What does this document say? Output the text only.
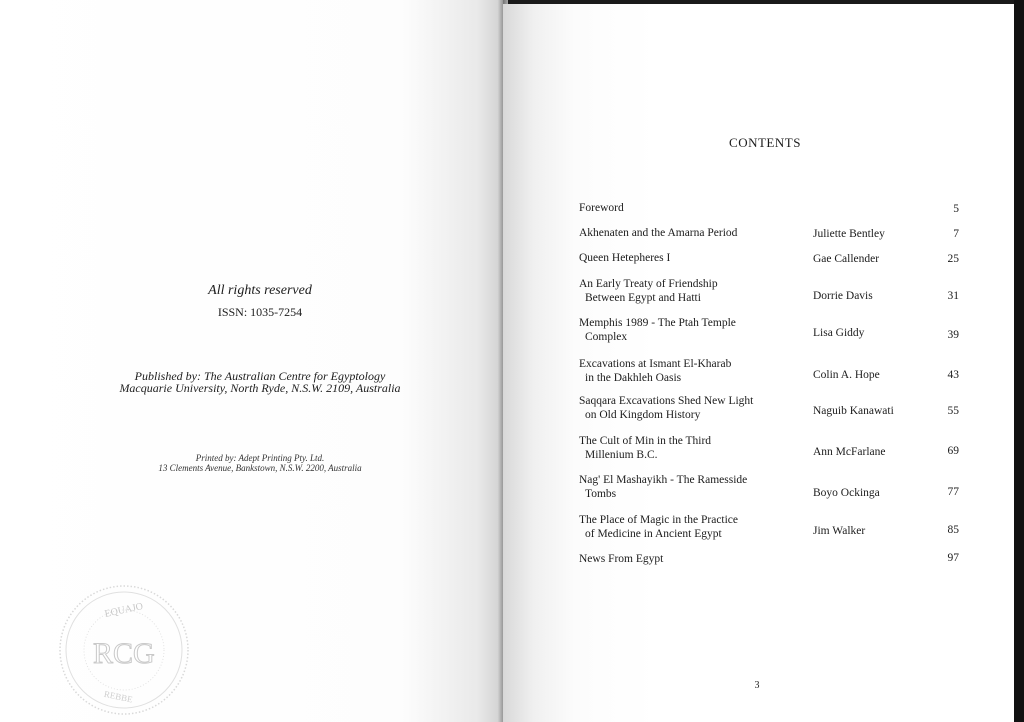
All rights reserved
ISSN: 1035-7254
Published by: The Australian Centre for Egyptology
Macquarie University, North Ryde, N.S.W. 2109, Australia
Printed by: Adept Printing Pty. Ltd.
13 Clements Avenue, Bankstown, N.S.W. 2200, Australia
EQUAJO
RCG
REBBE
CONTENTS
Foreword	5
Akhenaten and the Amarna Period	Juliette Bentley	7
Queen Hetepheres I	Gae Callender	25
An Early Treaty of Friendship
Between Egypt and Hatti	Dorrie Davis	31
Memphis 1989 - The Ptah Temple
Complex	Lisa Giddy	39
Excavations at Ismant El-Kharab
in the Dakhleh Oasis	Colin A. Hope	43
Saqqara Excavations Shed New Light
on Old Kingdom History	Naguib Kanawati	55
The Cult of Min in the Third
Millenium B.C.	Ann McFarlane	69
Nag' El Mashayikh - The Ramesside
Tombs	Boyo Ockinga	77
The Place of Magic in the Practice
of Medicine in Ancient Egypt	Jim Walker	85
News From Egypt	97
3
